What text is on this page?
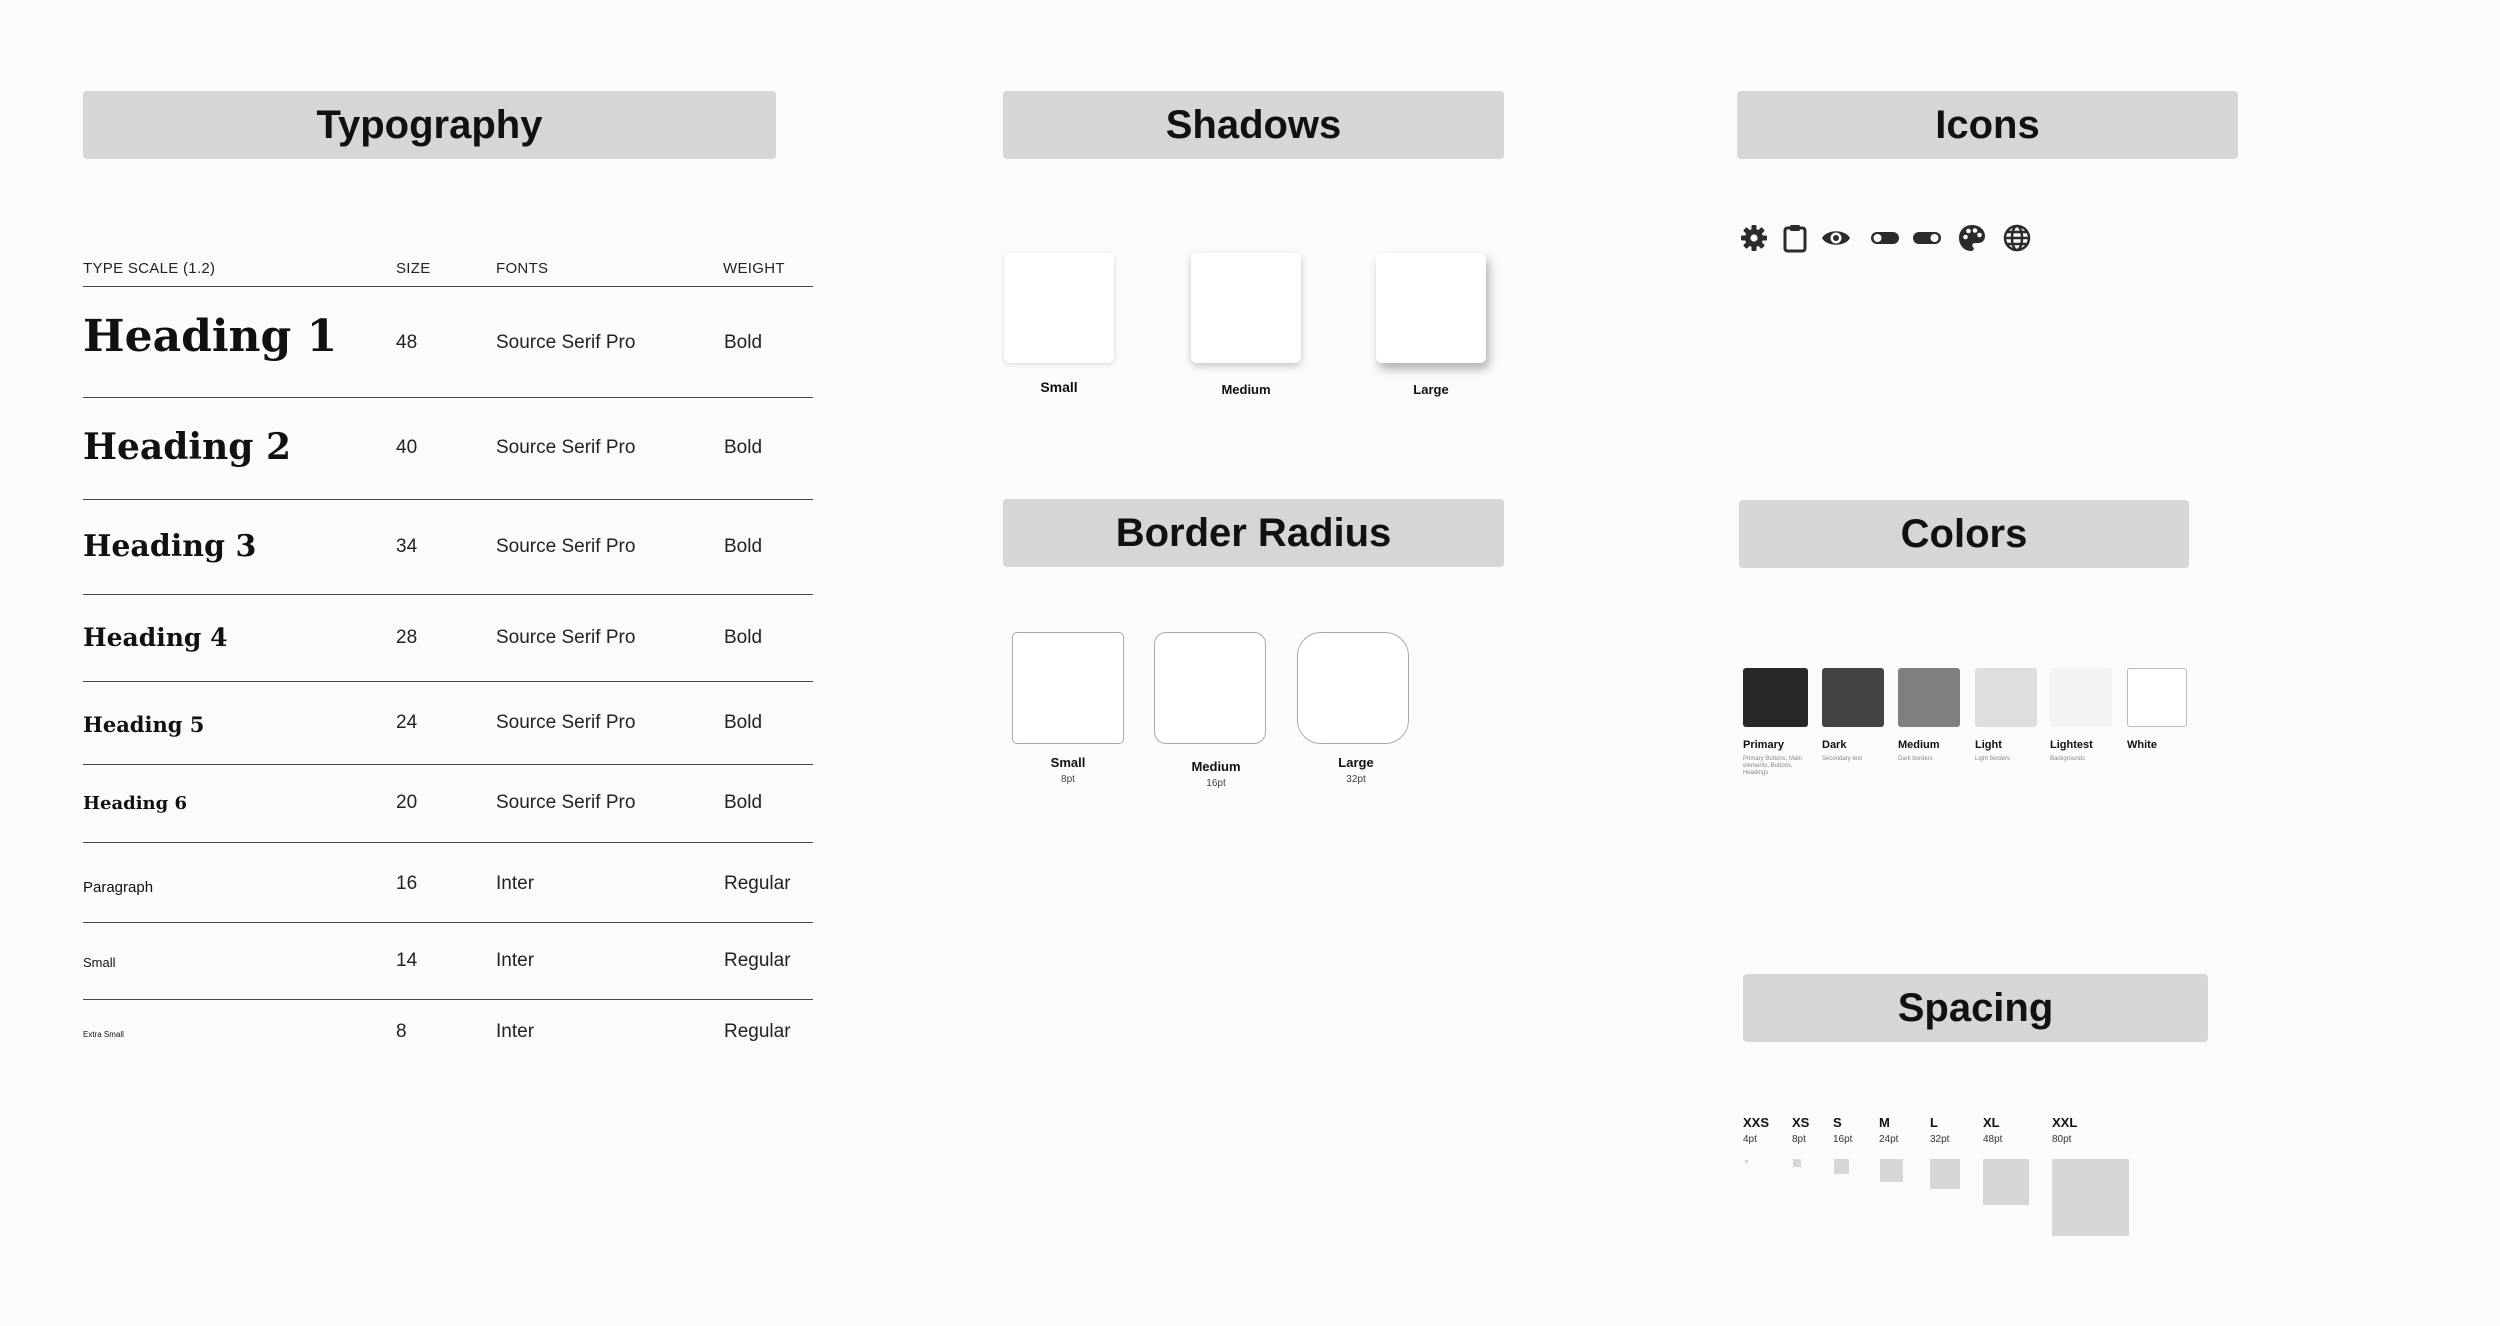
Typography	Shadows	Icons
Border Radius	Colors
Spacing
TYPE SCALE (1.2)	SIZE	FONTS	WEIGHT
Heading 1	48	Source Serif Pro	Bold
Heading 2	40	Source Serif Pro	Bold
Heading 3	34	Source Serif Pro	Bold
Heading 4	28	Source Serif Pro	Bold
Heading 5	24	Source Serif Pro	Bold
Heading 6	20	Source Serif Pro	Bold
Paragraph	16	Inter	Regular
Small	14	Inter	Regular
Extra Small	8	Inter	Regular
Small	Medium	Large
Small
8pt
Medium
16pt
Large
32pt
Primary
Primary Buttons, Main elements, Buttons, Headings
Dark
Secondary text
Medium
Dark borders
Light
Light borders
Lightest
Backgrounds
White
XXS
4pt
XS
8pt
S
16pt
M
24pt
L
32pt
XL
48pt
XXL
80pt
